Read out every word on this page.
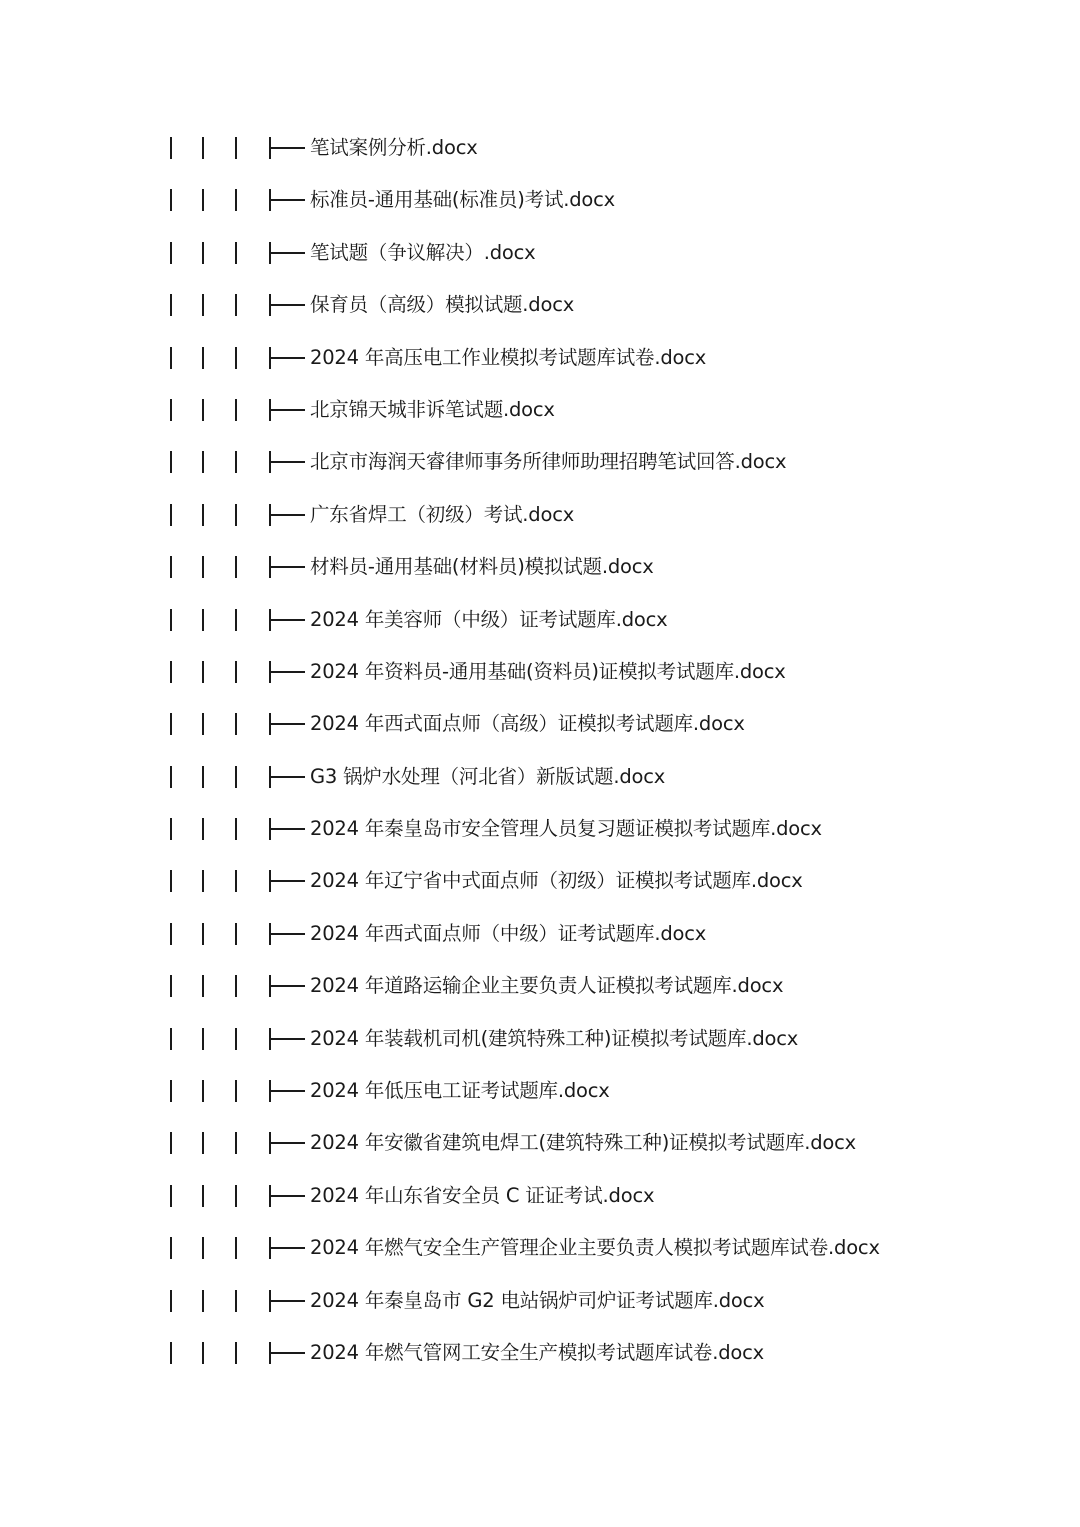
笔试案例分析.docx
标准员-通用基础(标准员)考试.docx
笔试题（争议解决）.docx
保育员（高级）模拟试题.docx
2024 年高压电工作业模拟考试题库试卷.docx
北京锦天城非诉笔试题.docx
北京市海润天睿律师事务所律师助理招聘笔试回答.docx
广东省焊工（初级）考试.docx
材料员-通用基础(材料员)模拟试题.docx
2024 年美容师（中级）证考试题库.docx
2024 年资料员-通用基础(资料员)证模拟考试题库.docx
2024 年西式面点师（高级）证模拟考试题库.docx
G3 锅炉水处理（河北省）新版试题.docx
2024 年秦皇岛市安全管理人员复习题证模拟考试题库.docx
2024 年辽宁省中式面点师（初级）证模拟考试题库.docx
2024 年西式面点师（中级）证考试题库.docx
2024 年道路运输企业主要负责人证模拟考试题库.docx
2024 年装载机司机(建筑特殊工种)证模拟考试题库.docx
2024 年低压电工证考试题库.docx
2024 年安徽省建筑电焊工(建筑特殊工种)证模拟考试题库.docx
2024 年山东省安全员 C 证证考试.docx
2024 年燃气安全生产管理企业主要负责人模拟考试题库试卷.docx
2024 年秦皇岛市 G2 电站锅炉司炉证考试题库.docx
2024 年燃气管网工安全生产模拟考试题库试卷.docx
